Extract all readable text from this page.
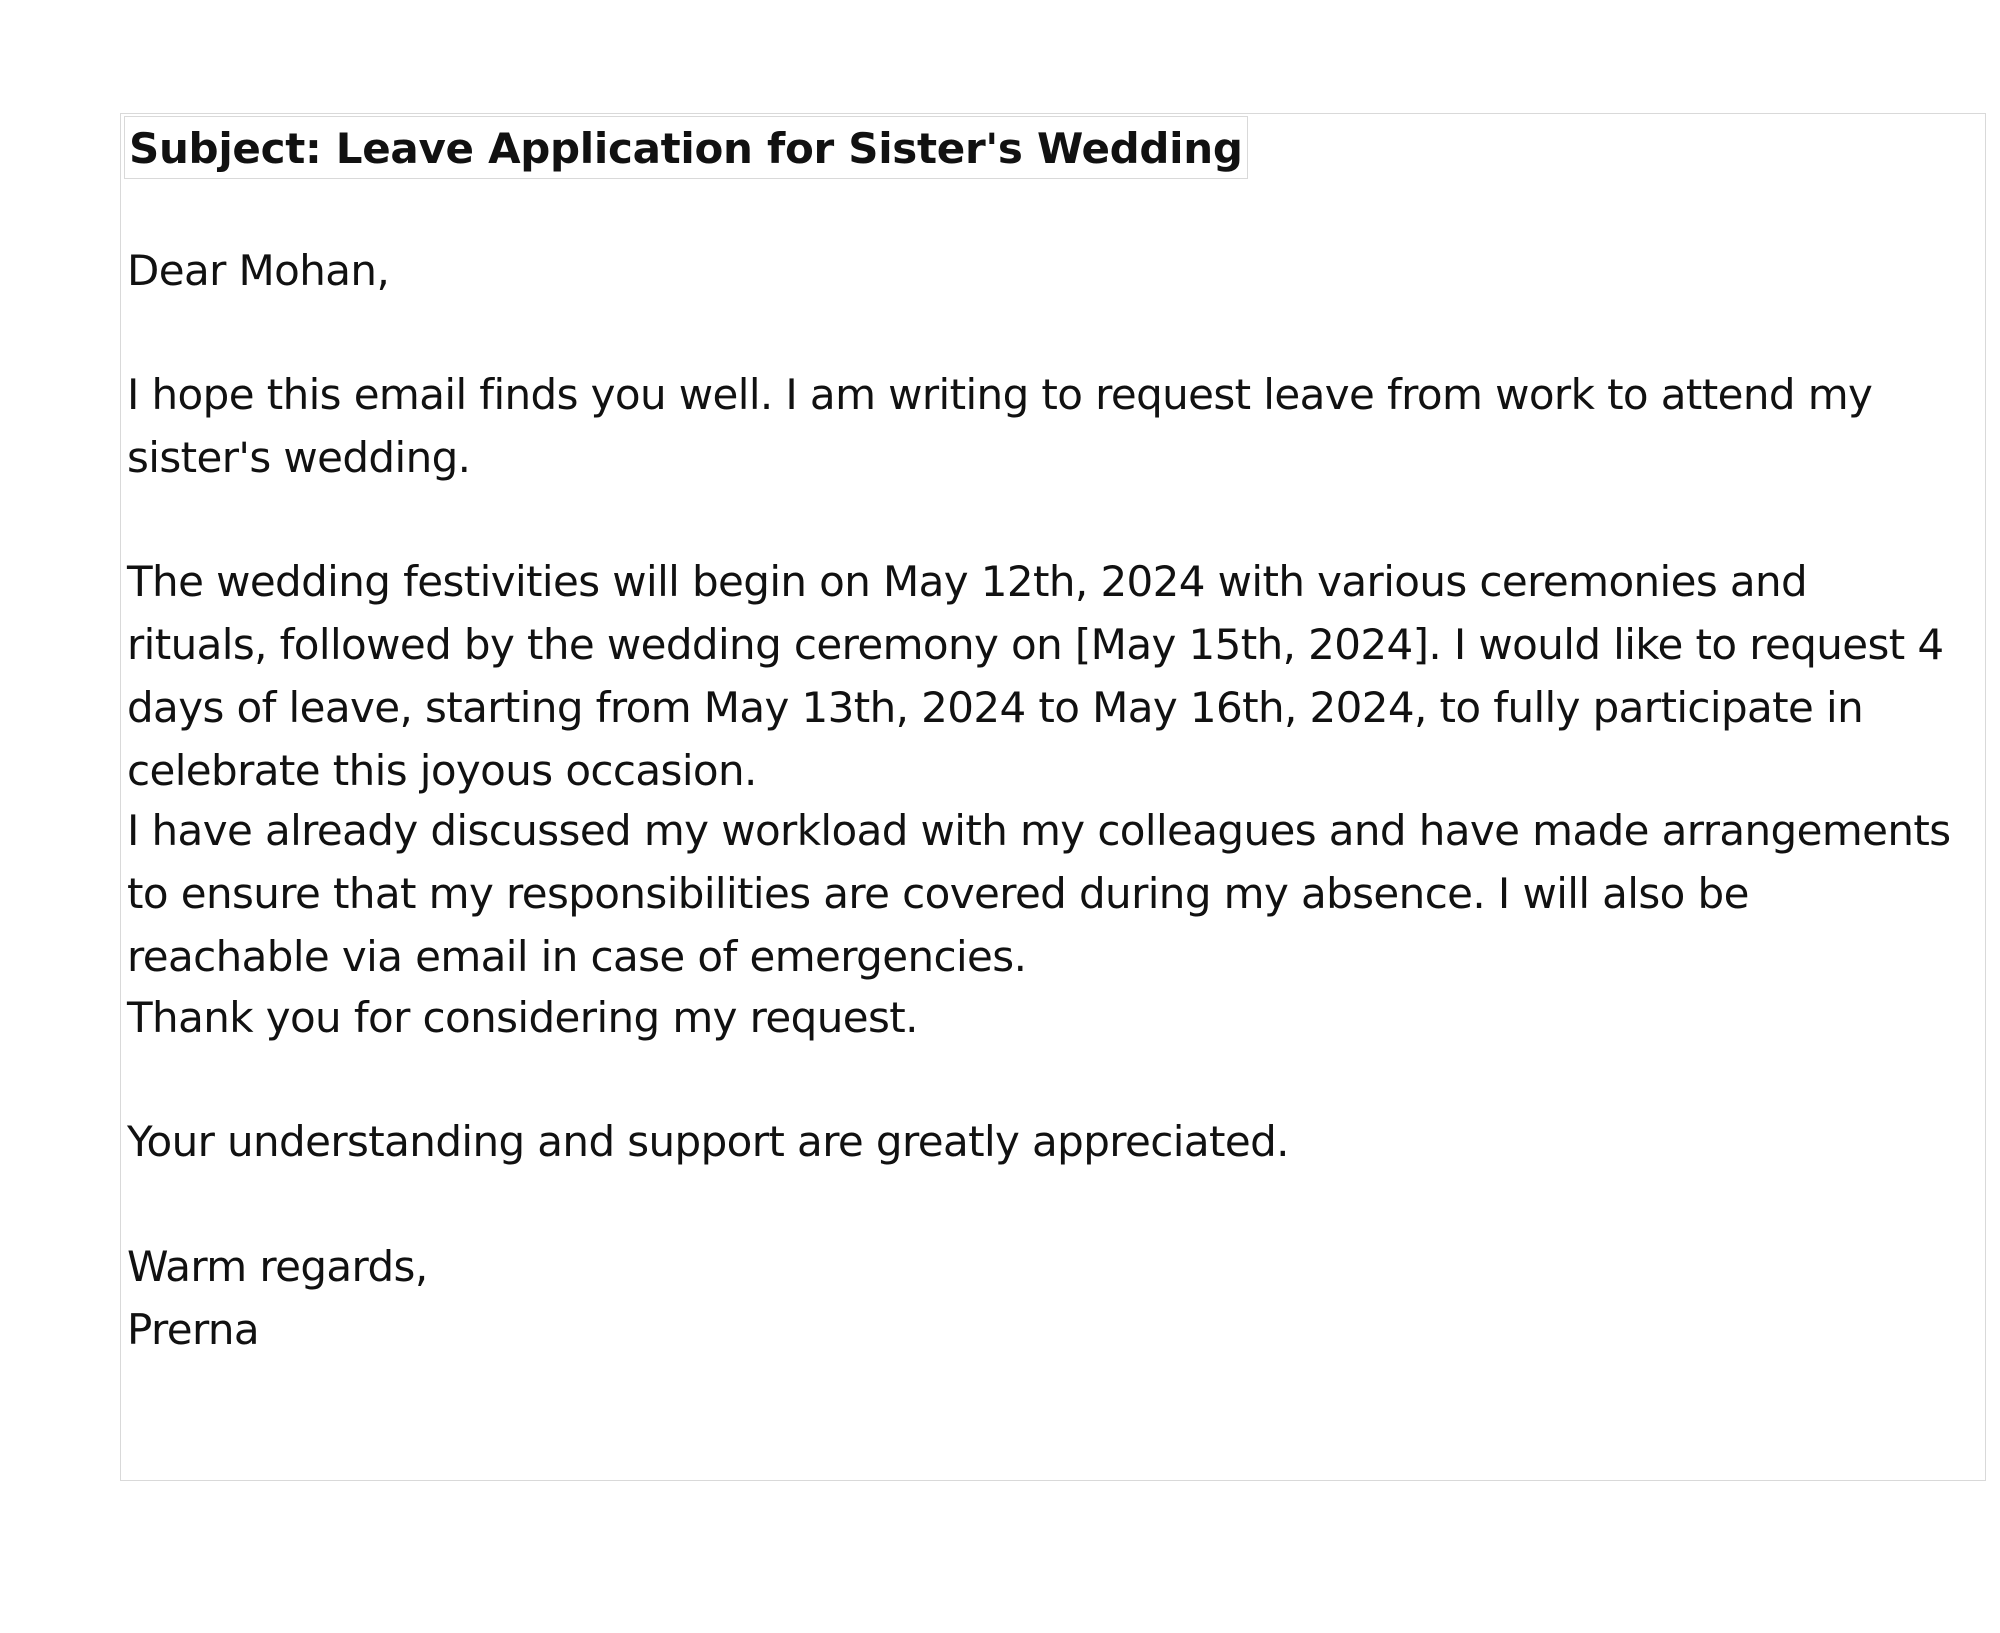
Subject: Leave Application for Sister's Wedding

Dear Mohan,

I hope this email finds you well. I am writing to request leave from work to attend my
sister's wedding.

The wedding festivities will begin on May 12th, 2024 with various ceremonies and
rituals, followed by the wedding ceremony on [May 15th, 2024]. I would like to request 4
days of leave, starting from May 13th, 2024 to May 16th, 2024, to fully participate in
celebrate this joyous occasion.

I have already discussed my workload with my colleagues and have made arrangements
to ensure that my responsibilities are covered during my absence. I will also be
reachable via email in case of emergencies.

Thank you for considering my request.

Your understanding and support are greatly appreciated.

Warm regards,
Prerna
